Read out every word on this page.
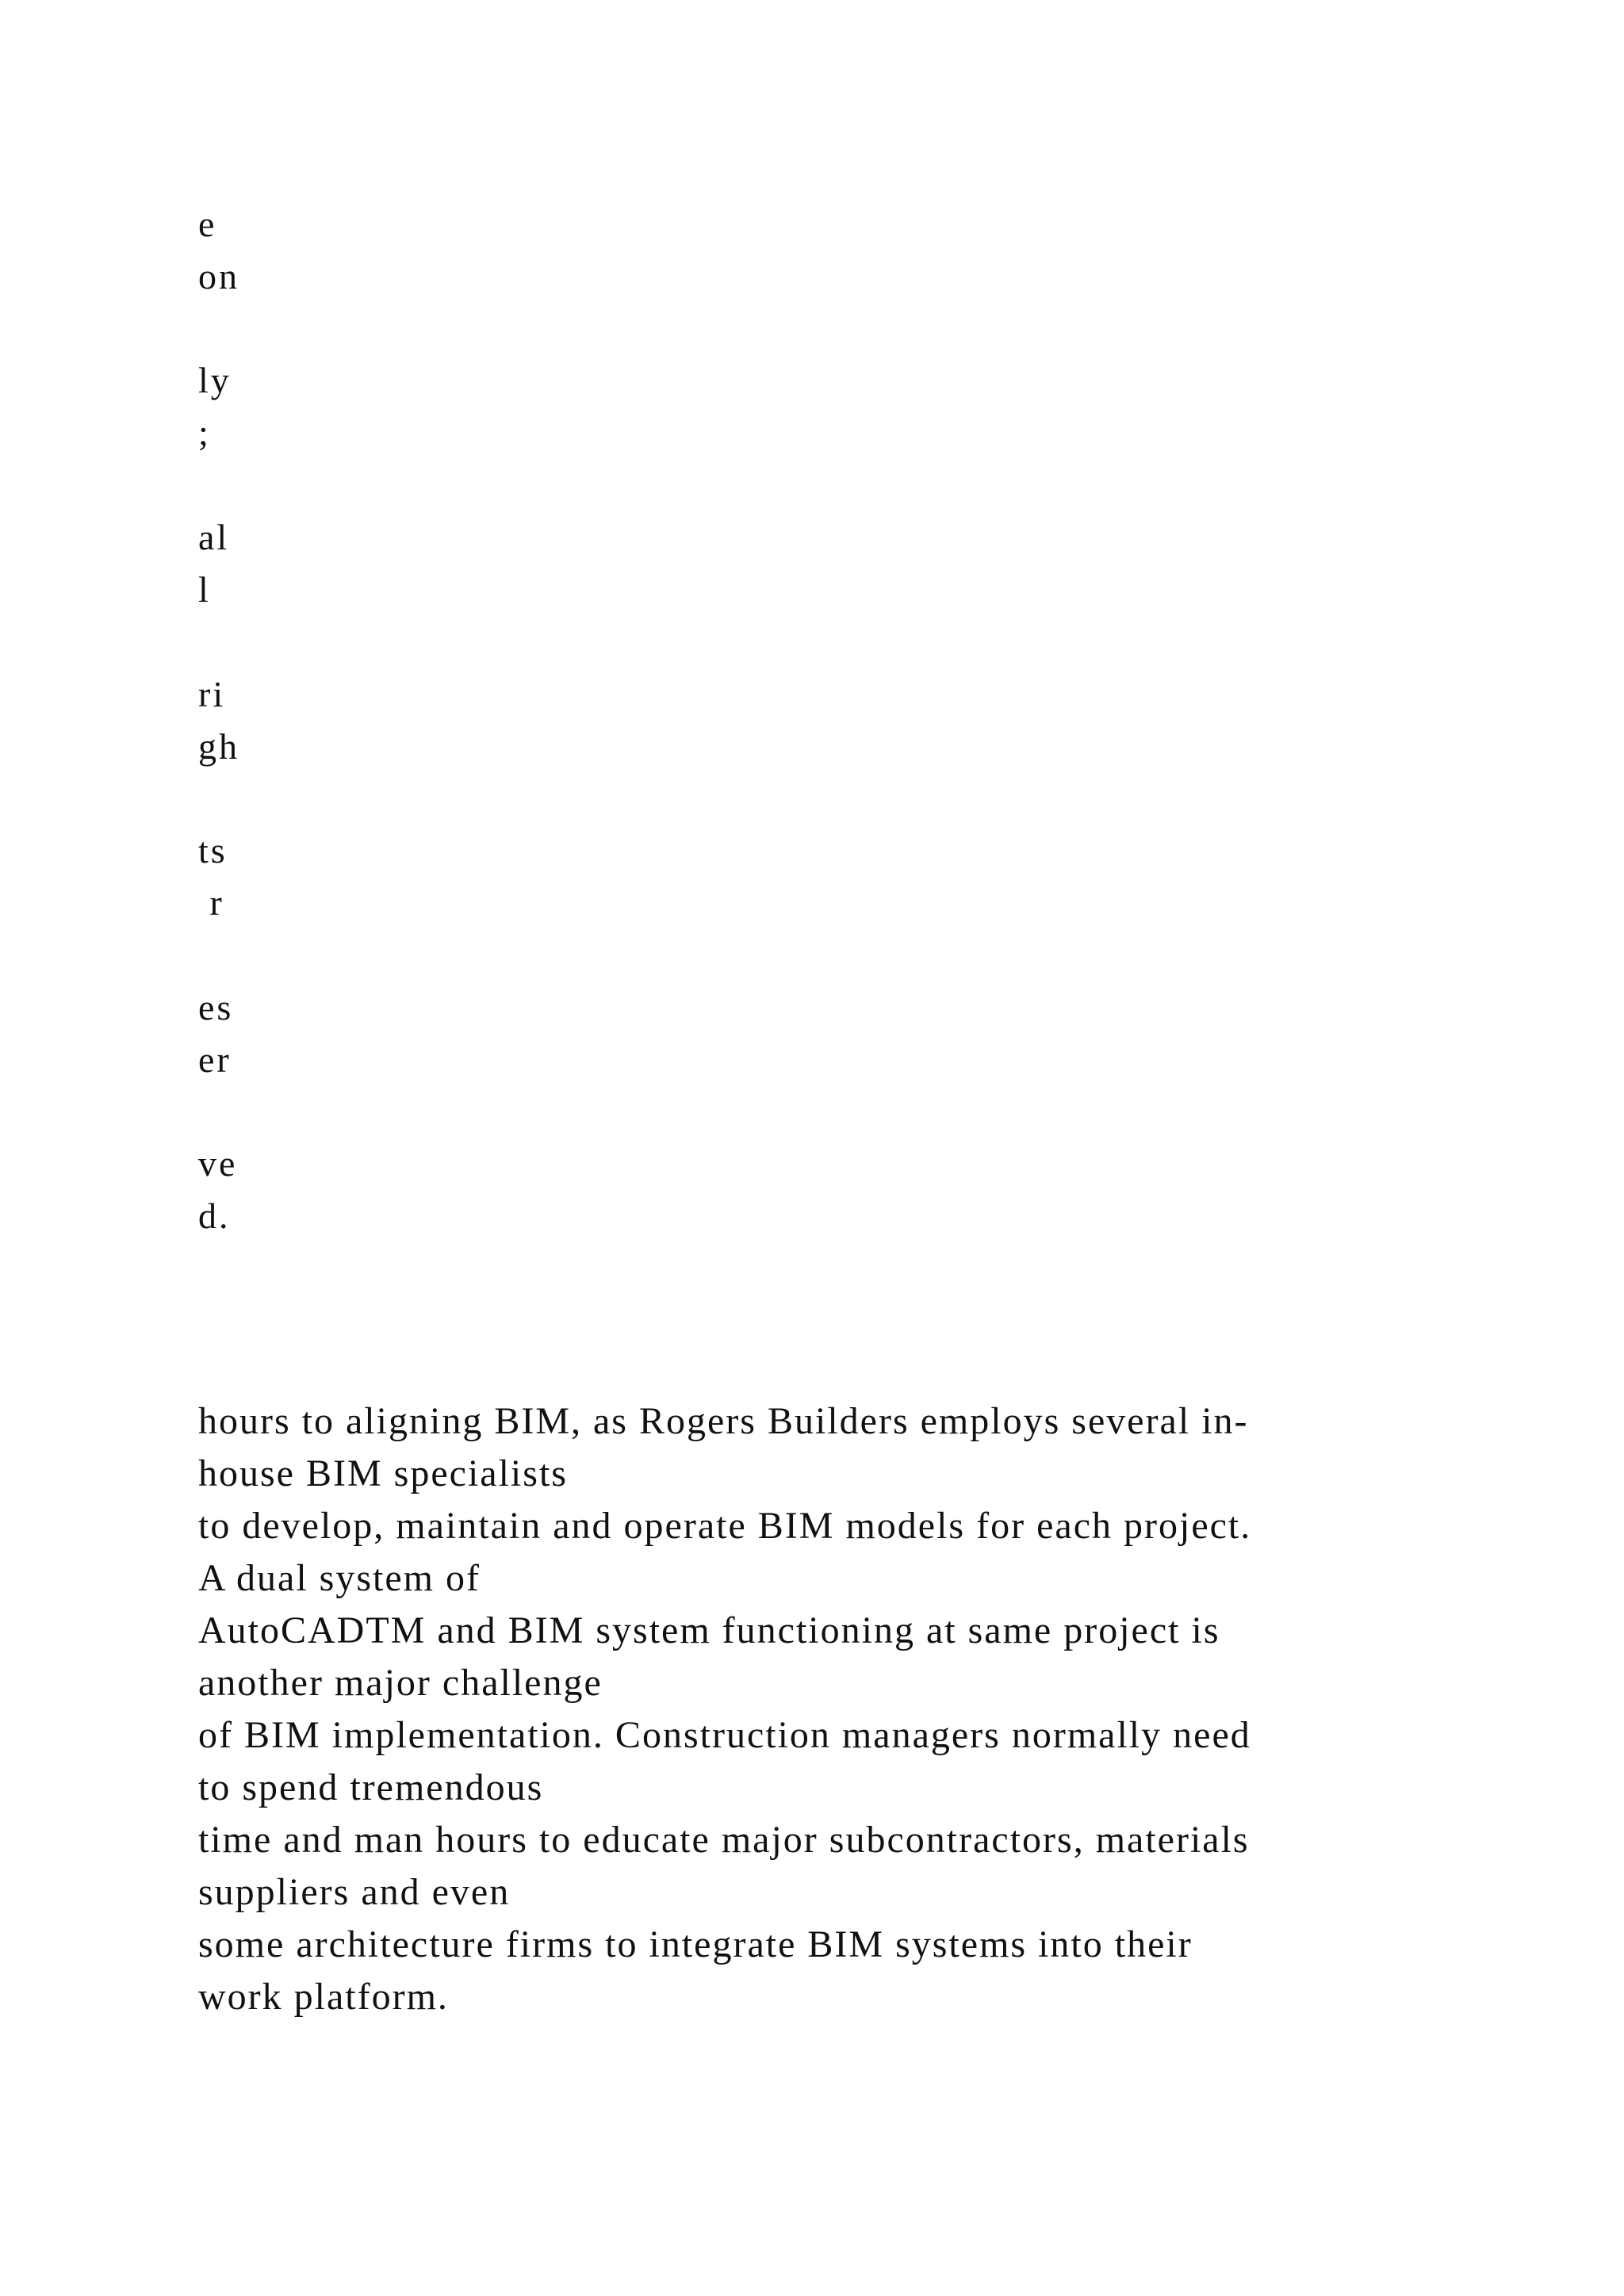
e
on
ly
;
al
l
ri
gh
ts
r
es
er
ve
d.

hours to aligning BIM, as Rogers Builders employs several in-
house BIM specialists
to develop, maintain and operate BIM models for each project.
A dual system of
AutoCADTM and BIM system functioning at same project is
another major challenge
of BIM implementation. Construction managers normally need
to spend tremendous
time and man hours to educate major subcontractors, materials
suppliers and even
some architecture firms to integrate BIM systems into their
work platform.
